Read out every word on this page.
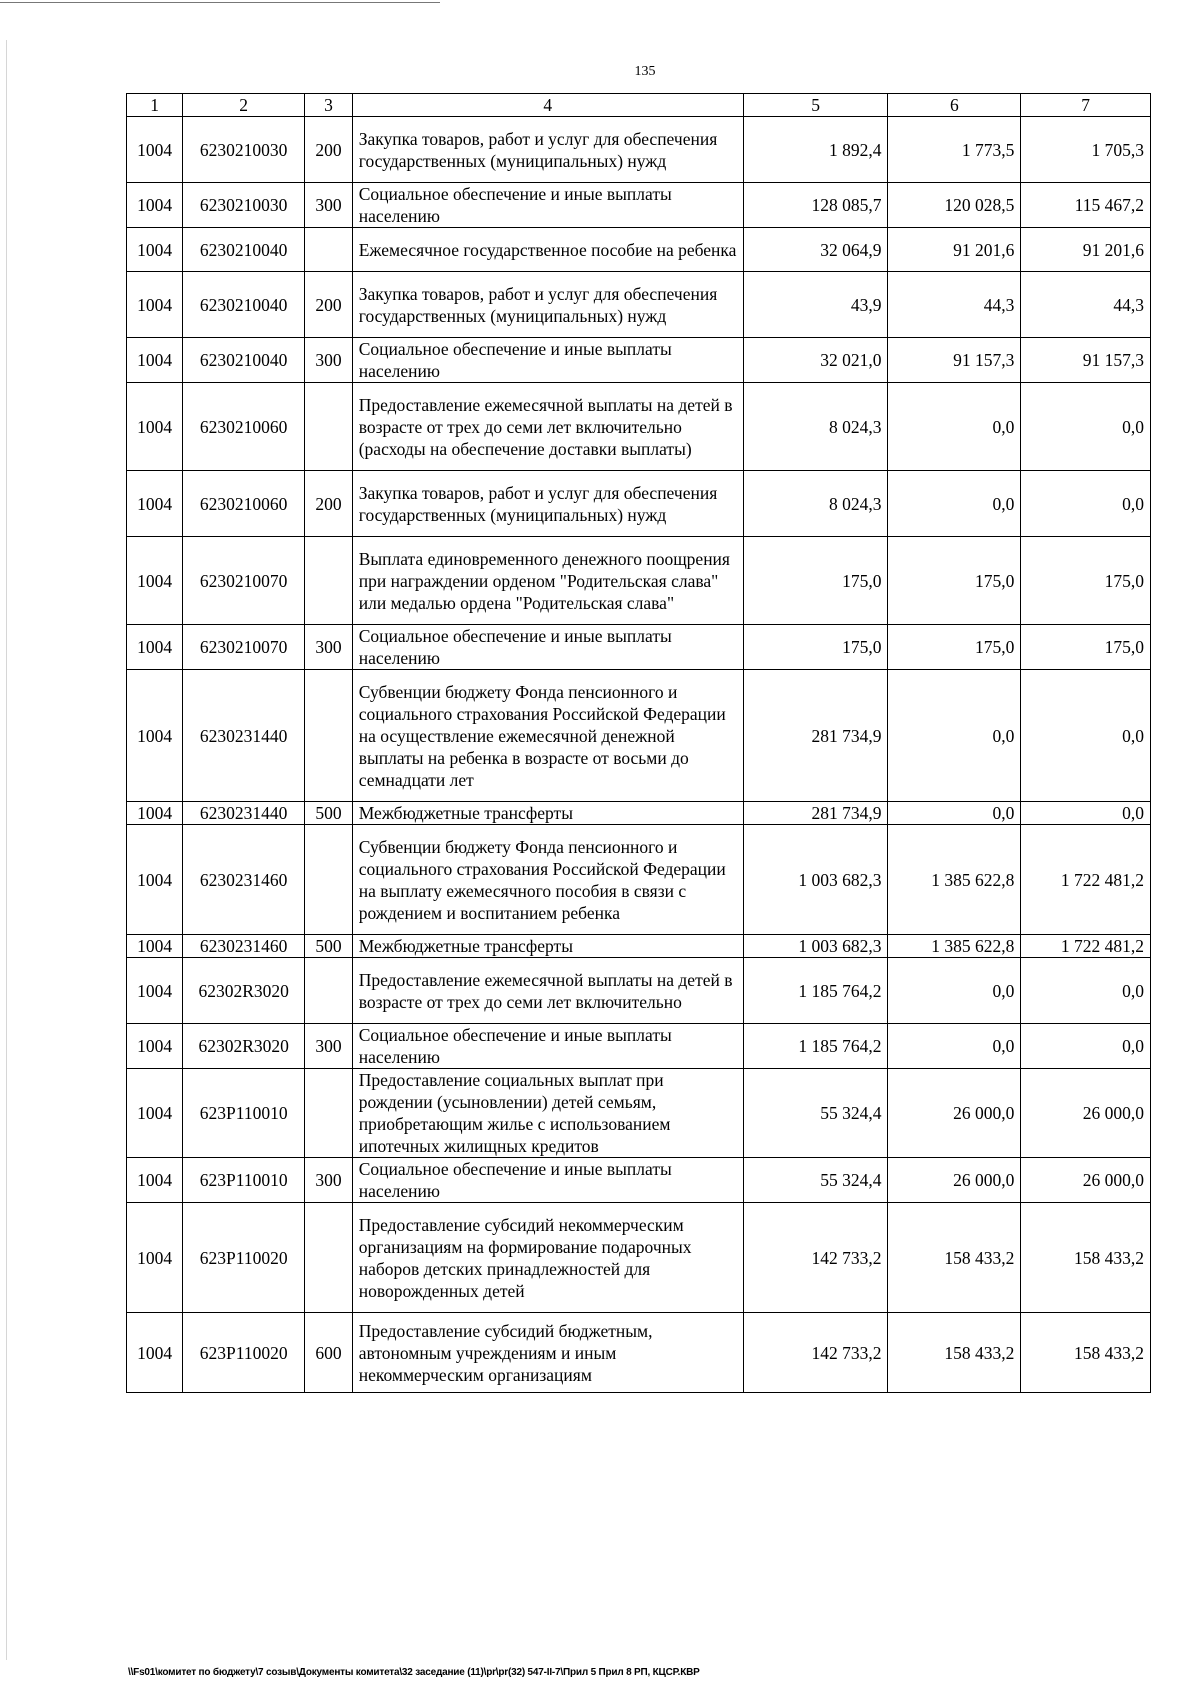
135
1	2	3	4	5	6	7
1004	6230210030	200	Закупка товаров, работ и услуг для обеспечения государственных (муниципальных) нужд	1 892,4	1 773,5	1 705,3
1004	6230210030	300	Социальное обеспечение и иные выплаты населению	128 085,7	120 028,5	115 467,2
1004	6230210040		Ежемесячное государственное пособие на ребенка	32 064,9	91 201,6	91 201,6
1004	6230210040	200	Закупка товаров, работ и услуг для обеспечения государственных (муниципальных) нужд	43,9	44,3	44,3
1004	6230210040	300	Социальное обеспечение и иные выплаты населению	32 021,0	91 157,3	91 157,3
1004	6230210060		Предоставление ежемесячной выплаты на детей в возрасте от трех до семи лет включительно (расходы на обеспечение доставки выплаты)	8 024,3	0,0	0,0
1004	6230210060	200	Закупка товаров, работ и услуг для обеспечения государственных (муниципальных) нужд	8 024,3	0,0	0,0
1004	6230210070		Выплата единовременного денежного поощрения при награждении орденом "Родительская слава" или медалью ордена "Родительская слава"	175,0	175,0	175,0
1004	6230210070	300	Социальное обеспечение и иные выплаты населению	175,0	175,0	175,0
1004	6230231440		Субвенции бюджету Фонда пенсионного и социального страхования Российской Федерации на осуществление ежемесячной денежной выплаты на ребенка в возрасте от восьми до семнадцати лет	281 734,9	0,0	0,0
1004	6230231440	500	Межбюджетные трансферты	281 734,9	0,0	0,0
1004	6230231460		Субвенции бюджету Фонда пенсионного и социального страхования Российской Федерации на выплату ежемесячного пособия в связи с рождением и воспитанием ребенка	1 003 682,3	1 385 622,8	1 722 481,2
1004	6230231460	500	Межбюджетные трансферты	1 003 682,3	1 385 622,8	1 722 481,2
1004	62302R3020		Предоставление ежемесячной выплаты на детей в возрасте от трех до семи лет включительно	1 185 764,2	0,0	0,0
1004	62302R3020	300	Социальное обеспечение и иные выплаты населению	1 185 764,2	0,0	0,0
1004	623P110010		Предоставление социальных выплат при рождении (усыновлении) детей семьям, приобретающим жилье с использованием ипотечных жилищных кредитов	55 324,4	26 000,0	26 000,0
1004	623P110010	300	Социальное обеспечение и иные выплаты населению	55 324,4	26 000,0	26 000,0
1004	623P110020		Предоставление субсидий некоммерческим организациям на формирование подарочных наборов детских принадлежностей для новорожденных детей	142 733,2	158 433,2	158 433,2
1004	623P110020	600	Предоставление субсидий бюджетным, автономным учреждениям и иным некоммерческим организациям	142 733,2	158 433,2	158 433,2
\\Fs01\комитет по бюджету\7 созыв\Документы комитета\32 заседание (11)\pr\pr(32) 547-II-7\Прил 5 Прил 8 РП, КЦСР.КВР
